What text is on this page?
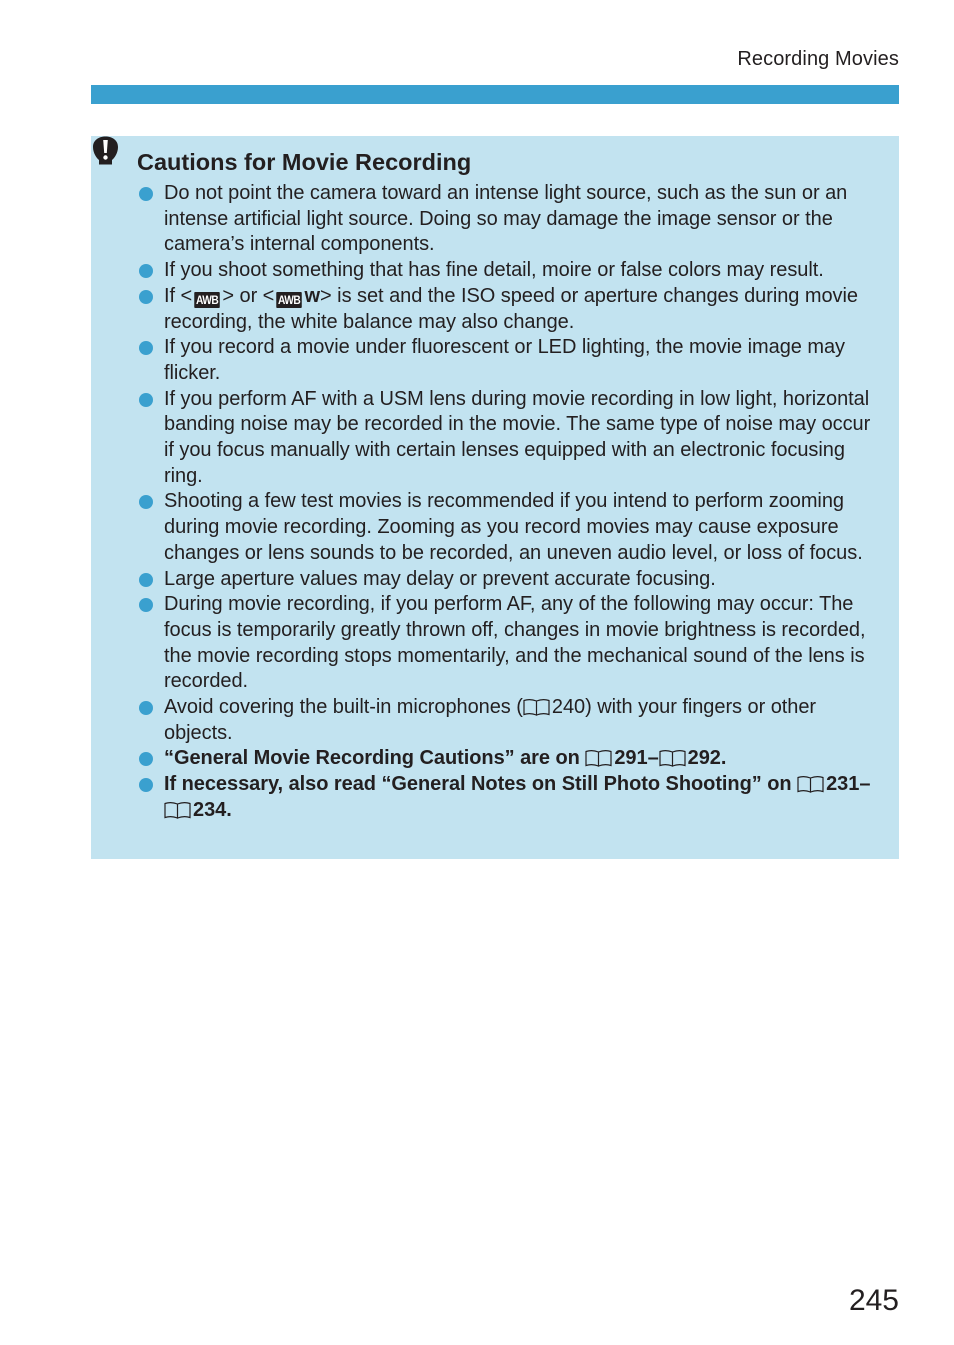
Recording Movies
Cautions for Movie Recording
Do not point the camera toward an intense light source, such as the sun or an intense artificial light source. Doing so may damage the image sensor or the camera’s internal components.
If you shoot something that has fine detail, moire or false colors may result.
If < AWB > or < AWB w> is set and the ISO speed or aperture changes during movie recording, the white balance may also change.
If you record a movie under fluorescent or LED lighting, the movie image may flicker.
If you perform AF with a USM lens during movie recording in low light, horizontal banding noise may be recorded in the movie. The same type of noise may occur if you focus manually with certain lenses equipped with an electronic focusing ring.
Shooting a few test movies is recommended if you intend to perform zooming during movie recording. Zooming as you record movies may cause exposure changes or lens sounds to be recorded, an uneven audio level, or loss of focus.
Large aperture values may delay or prevent accurate focusing.
During movie recording, if you perform AF, any of the following may occur: The focus is temporarily greatly thrown off, changes in movie brightness is recorded, the movie recording stops momentarily, and the mechanical sound of the lens is recorded.
Avoid covering the built-in microphones ( 240) with your fingers or other objects.
“General Movie Recording Cautions” are on 291– 292.
If necessary, also read “General Notes on Still Photo Shooting” on 231–234.
245
